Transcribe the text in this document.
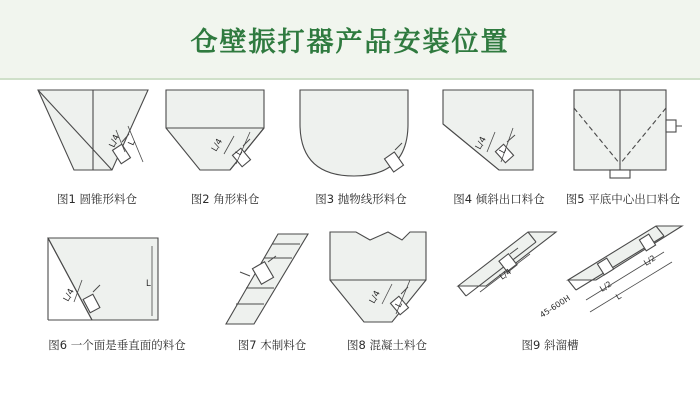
仓壁振打器产品安装位置
L/4 L
图1 圆锥形料仓
L/4 L
图2 角形料仓	图3 抛物线形料仓
L/4 L
图4 倾斜出口料仓	图5 平底中心出口料仓
L/4
L
图6 一个面是垂直面的料仓	图7 木制料仓
L/4 L
图8 混凝土料仓
L/4
L/2
L/2
L
45-600H
图9 斜溜槽
